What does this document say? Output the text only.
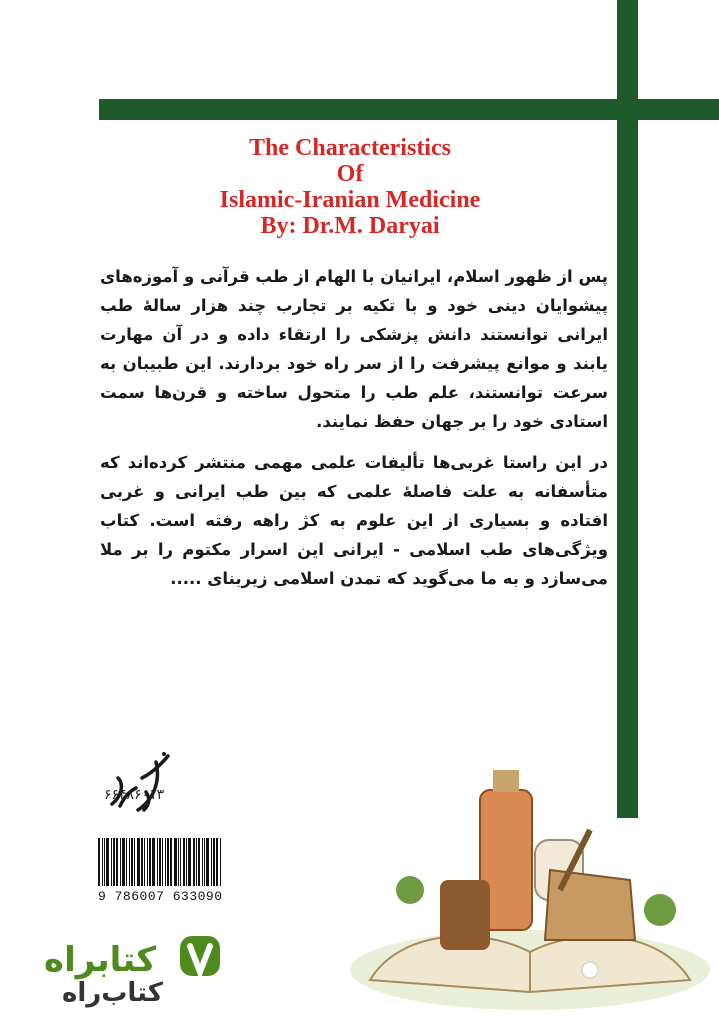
The Characteristics
Of
Islamic-Iranian Medicine
By: Dr.M. Daryai

پس از ظهور اسلام، ایرانیان با الهام از طب قرآنی و آموزه‌های پیشوایان دینی خود و با تکیه بر تجارب چند هزار سالهٔ طب ایرانی توانستند دانش پزشکی را ارتقاء داده و در آن مهارت یابند و موانع پیشرفت را از سر راه خود بردارند. این طبیبان به سرعت توانستند، علم طب را متحول ساخته و قرن‌ها سمت استادی خود را بر جهان حفظ نمایند.

در این راستا غربی‌ها تألیفات علمی مهمی منتشر کرده‌اند که متأسفانه به علت فاصلهٔ علمی که بین طب ایرانی و غربی افتاده و بسیاری از این علوم به کژ راهه رفته است. کتاب ویژگی‌های طب اسلامی - ایرانی این اسرار مکتوم را بر ملا می‌سازد و به ما می‌گوید که تمدن اسلامی زیربنای .....

۶۶۴۸۶۰۱۳
9 786007 633090
کتابراه
کتاب‌راه
